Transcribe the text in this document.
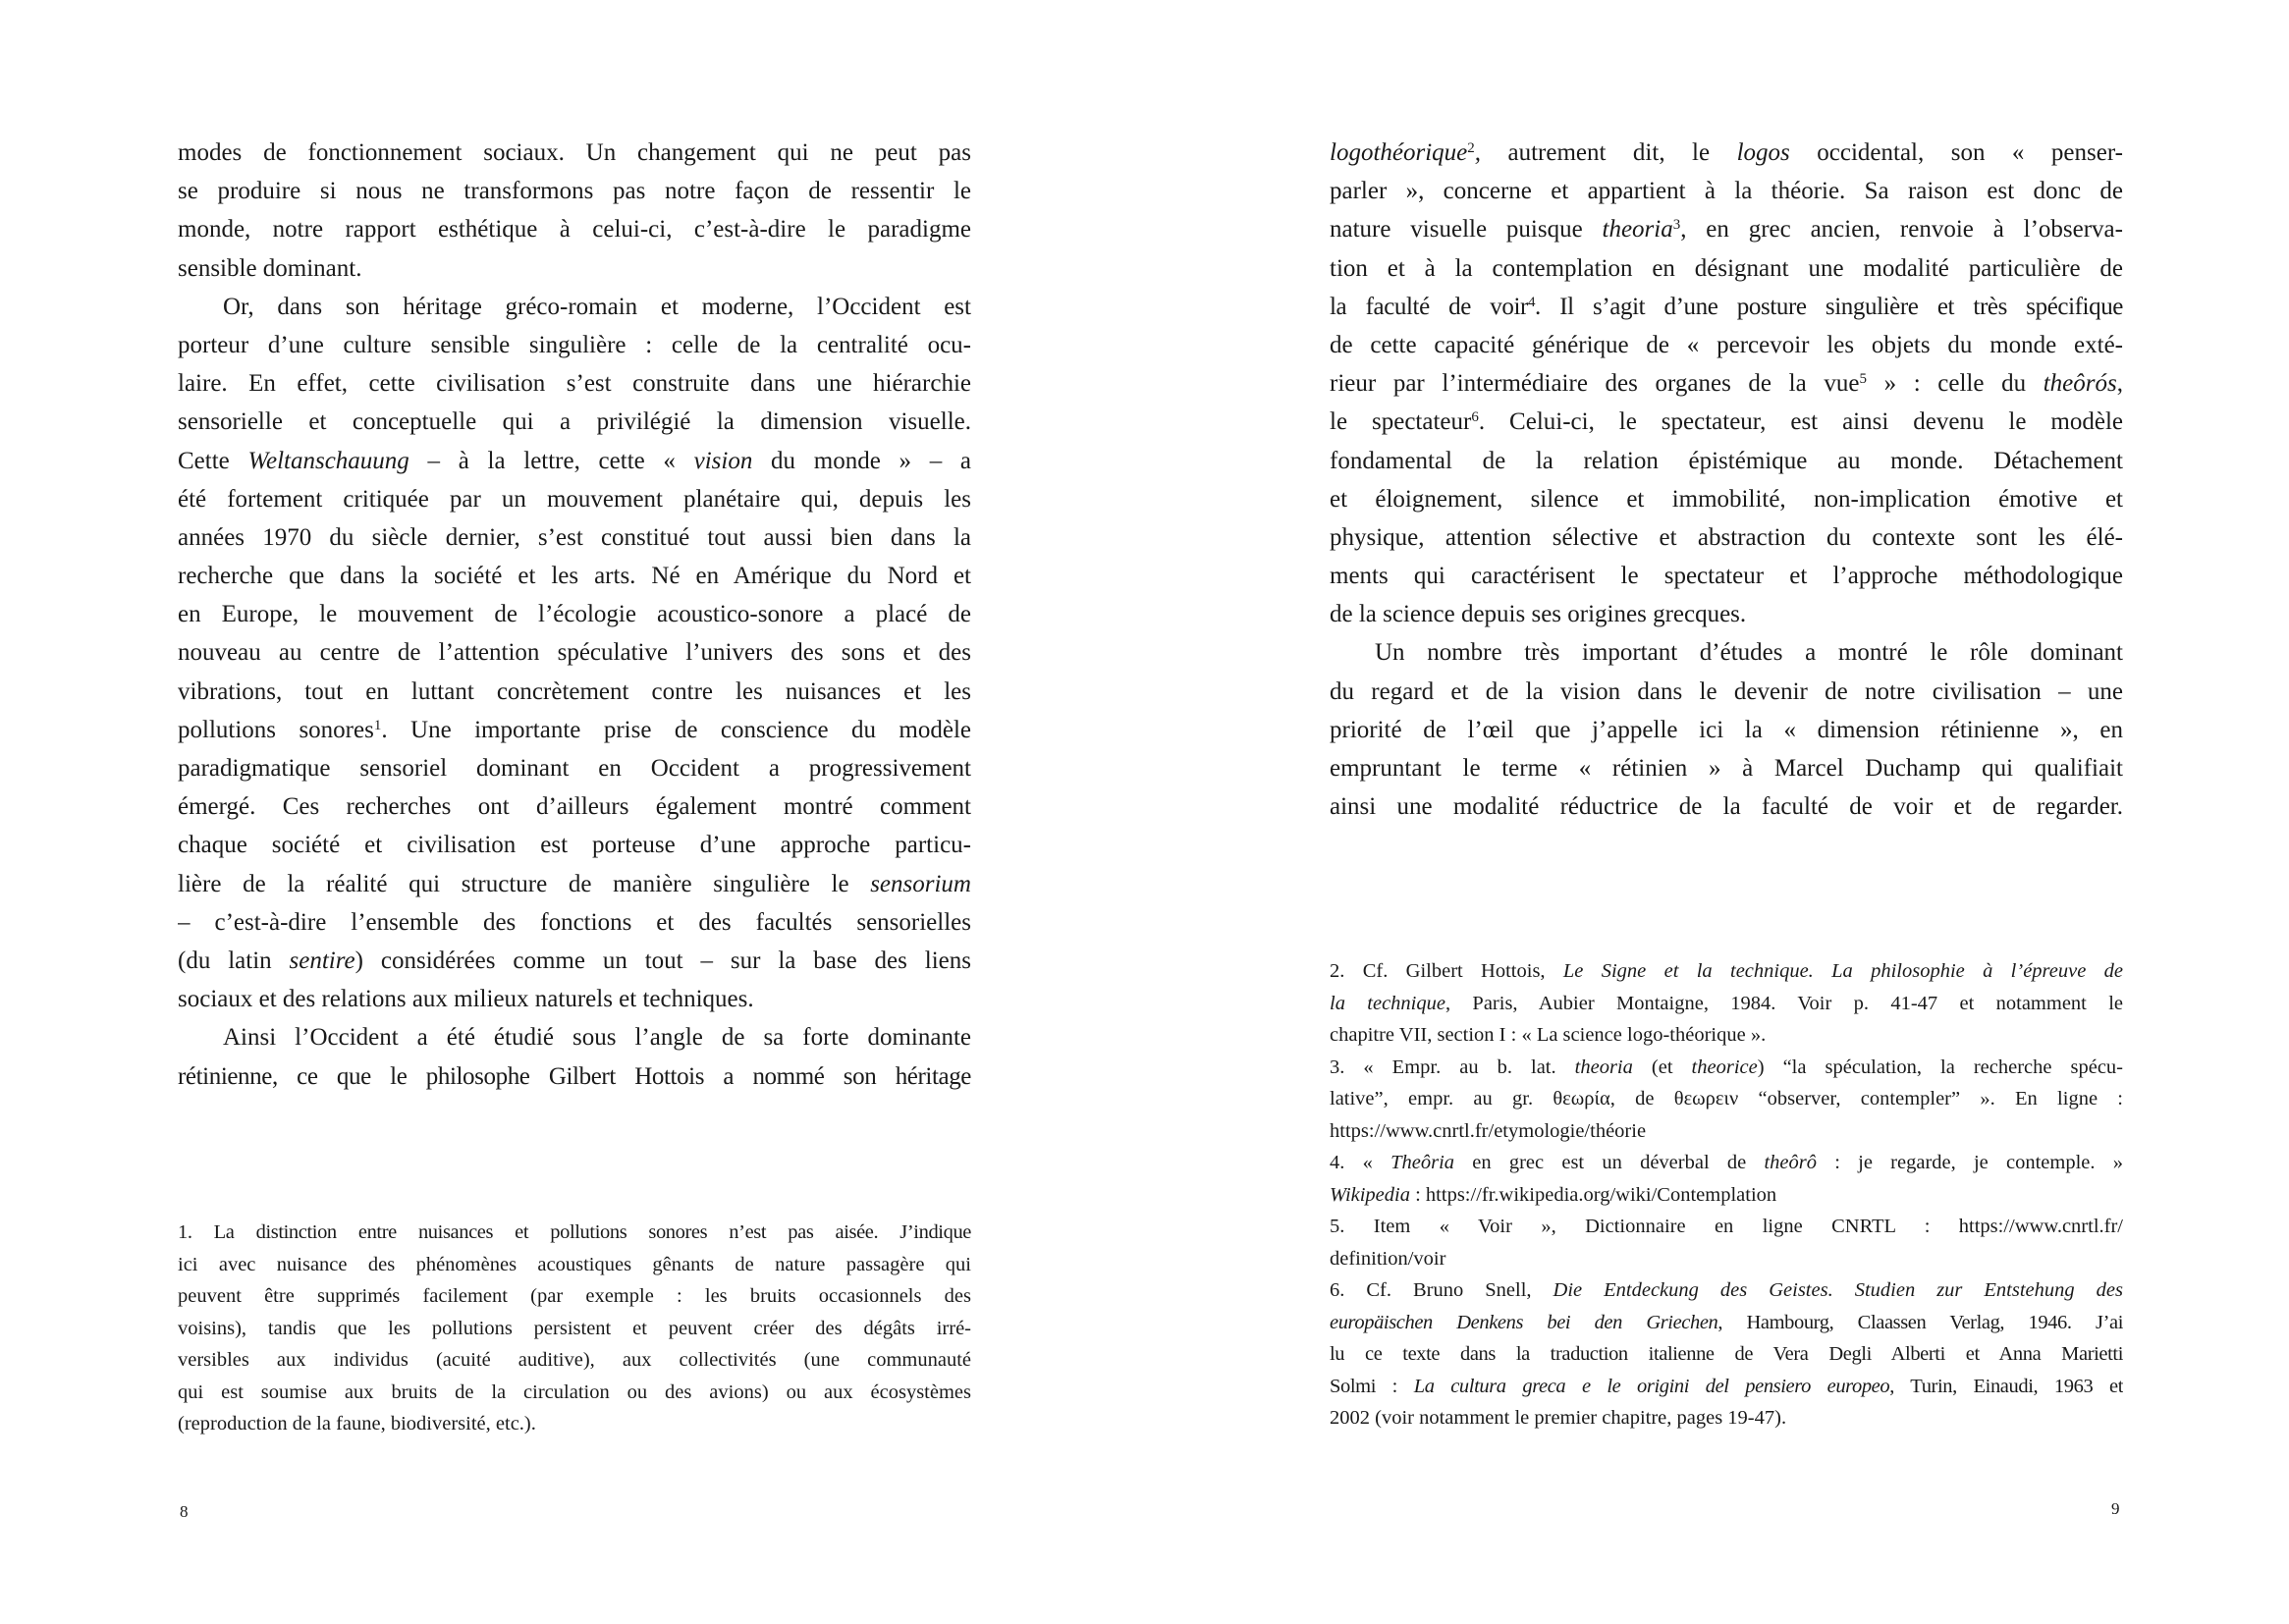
modes de fonctionnement sociaux. Un changement qui ne peut pas
se produire si nous ne transformons pas notre façon de ressentir le
monde, notre rapport esthétique à celui-ci, c’est-à-dire le paradigme
sensible dominant.
Or, dans son héritage gréco-romain et moderne, l’Occident est
porteur d’une culture sensible singulière : celle de la centralité ocu-
laire. En effet, cette civilisation s’est construite dans une hiérarchie
sensorielle et conceptuelle qui a privilégié la dimension visuelle.
Cette Weltanschauung – à la lettre, cette « vision du monde » – a
été fortement critiquée par un mouvement planétaire qui, depuis les
années 1970 du siècle dernier, s’est constitué tout aussi bien dans la
recherche que dans la société et les arts. Né en Amérique du Nord et
en Europe, le mouvement de l’écologie acoustico-sonore a placé de
nouveau au centre de l’attention spéculative l’univers des sons et des
vibrations, tout en luttant concrètement contre les nuisances et les
pollutions sonores$^1$. Une importante prise de conscience du modèle
paradigmatique sensoriel dominant en Occident a progressivement
émergé. Ces recherches ont d’ailleurs également montré comment
chaque société et civilisation est porteuse d’une approche particu-
lière de la réalité qui structure de manière singulière le sensorium
– c’est-à-dire l’ensemble des fonctions et des facultés sensorielles
(du latin sentire) considérées comme un tout – sur la base des liens
sociaux et des relations aux milieux naturels et techniques.
Ainsi l’Occident a été étudié sous l’angle de sa forte dominante
rétinienne, ce que le philosophe Gilbert Hottois a nommé son héritage
1. La distinction entre nuisances et pollutions sonores n’est pas aisée. J’indique
ici avec nuisance des phénomènes acoustiques gênants de nature passagère qui
peuvent être supprimés facilement (par exemple : les bruits occasionnels des
voisins), tandis que les pollutions persistent et peuvent créer des dégâts irré-
versibles aux individus (acuité auditive), aux collectivités (une communauté
qui est soumise aux bruits de la circulation ou des avions) ou aux écosystèmes
(reproduction de la faune, biodiversité, etc.).
8
logothéorique$^2$, autrement dit, le logos occidental, son « penser-
parler », concerne et appartient à la théorie. Sa raison est donc de
nature visuelle puisque theoria$^3$, en grec ancien, renvoie à l’observa-
tion et à la contemplation en désignant une modalité particulière de
la faculté de voir$^4$. Il s’agit d’une posture singulière et très spécifique
de cette capacité générique de « percevoir les objets du monde exté-
rieur par l’intermédiaire des organes de la vue$^5$ » : celle du theôrós,
le spectateur$^6$. Celui-ci, le spectateur, est ainsi devenu le modèle
fondamental de la relation épistémique au monde. Détachement
et éloignement, silence et immobilité, non-implication émotive et
physique, attention sélective et abstraction du contexte sont les élé-
ments qui caractérisent le spectateur et l’approche méthodologique
de la science depuis ses origines grecques.
Un nombre très important d’études a montré le rôle dominant
du regard et de la vision dans le devenir de notre civilisation – une
priorité de l’œil que j’appelle ici la « dimension rétinienne », en
empruntant le terme « rétinien » à Marcel Duchamp qui qualifiait
ainsi une modalité réductrice de la faculté de voir et de regarder.
2. Cf. Gilbert Hottois, Le Signe et la technique. La philosophie à l’épreuve de
la technique, Paris, Aubier Montaigne, 1984. Voir p. 41-47 et notamment le
chapitre VII, section I : « La science logo-théorique ».
3. « Empr. au b. lat. theoria (et theorice) “la spéculation, la recherche spécu-
lative”, empr. au gr. θεωρία, de θεωρειν “observer, contempler” ». En ligne :
https://www.cnrtl.fr/etymologie/théorie
4. « Theôria en grec est un déverbal de theôrô : je regarde, je contemple. »
Wikipedia : https://fr.wikipedia.org/wiki/Contemplation
5. Item « Voir », Dictionnaire en ligne CNRTL : https://www.cnrtl.fr/
definition/voir
6. Cf. Bruno Snell, Die Entdeckung des Geistes. Studien zur Entstehung des
europäischen Denkens bei den Griechen, Hambourg, Claassen Verlag, 1946. J’ai
lu ce texte dans la traduction italienne de Vera Degli Alberti et Anna Marietti
Solmi : La cultura greca e le origini del pensiero europeo, Turin, Einaudi, 1963 et
2002 (voir notamment le premier chapitre, pages 19-47).
9
